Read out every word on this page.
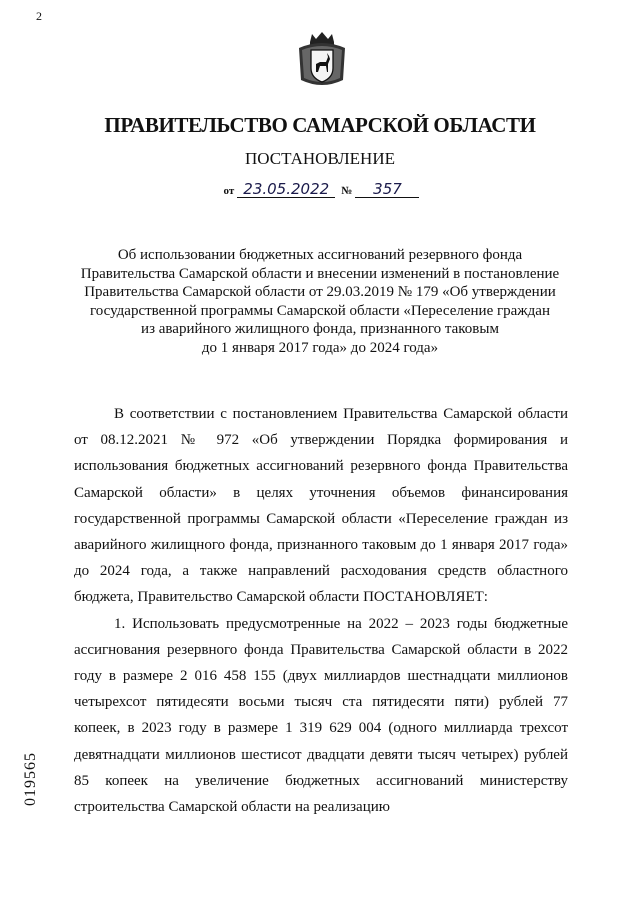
2
ПРАВИТЕЛЬСТВО САМАРСКОЙ ОБЛАСТИ
ПОСТАНОВЛЕНИЕ
от 23.05.2022 № 357
Об использовании бюджетных ассигнований резервного фонда
Правительства Самарской области и внесении изменений в постановление
Правительства Самарской области от 29.03.2019 № 179 «Об утверждении
государственной программы Самарской области «Переселение граждан
из аварийного жилищного фонда, признанного таковым
до 1 января 2017 года» до 2024 года»

В соответствии с постановлением Правительства Самарской области от 08.12.2021 № 972 «Об утверждении Порядка формирования и использования бюджетных ассигнований резервного фонда Правительства Самарской области» в целях уточнения объемов финансирования государственной программы Самарской области «Переселение граждан из аварийного жилищного фонда, признанного таковым до 1 января 2017 года» до 2024 года, а также направлений расходования средств областного бюджета, Правительство Самарской области ПОСТАНОВЛЯЕТ:

1. Использовать предусмотренные на 2022 – 2023 годы бюджетные ассигнования резервного фонда Правительства Самарской области в 2022 году в размере 2 016 458 155 (двух миллиардов шестнадцати миллионов четырехсот пятидесяти восьми тысяч ста пятидесяти пяти) рублей 77 копеек, в 2023 году в размере 1 319 629 004 (одного миллиарда трехсот девятнадцати миллионов шестисот двадцати девяти тысяч четырех) рублей 85 копеек на увеличение бюджетных ассигнований министерству строительства Самарской области на реализацию

019565
